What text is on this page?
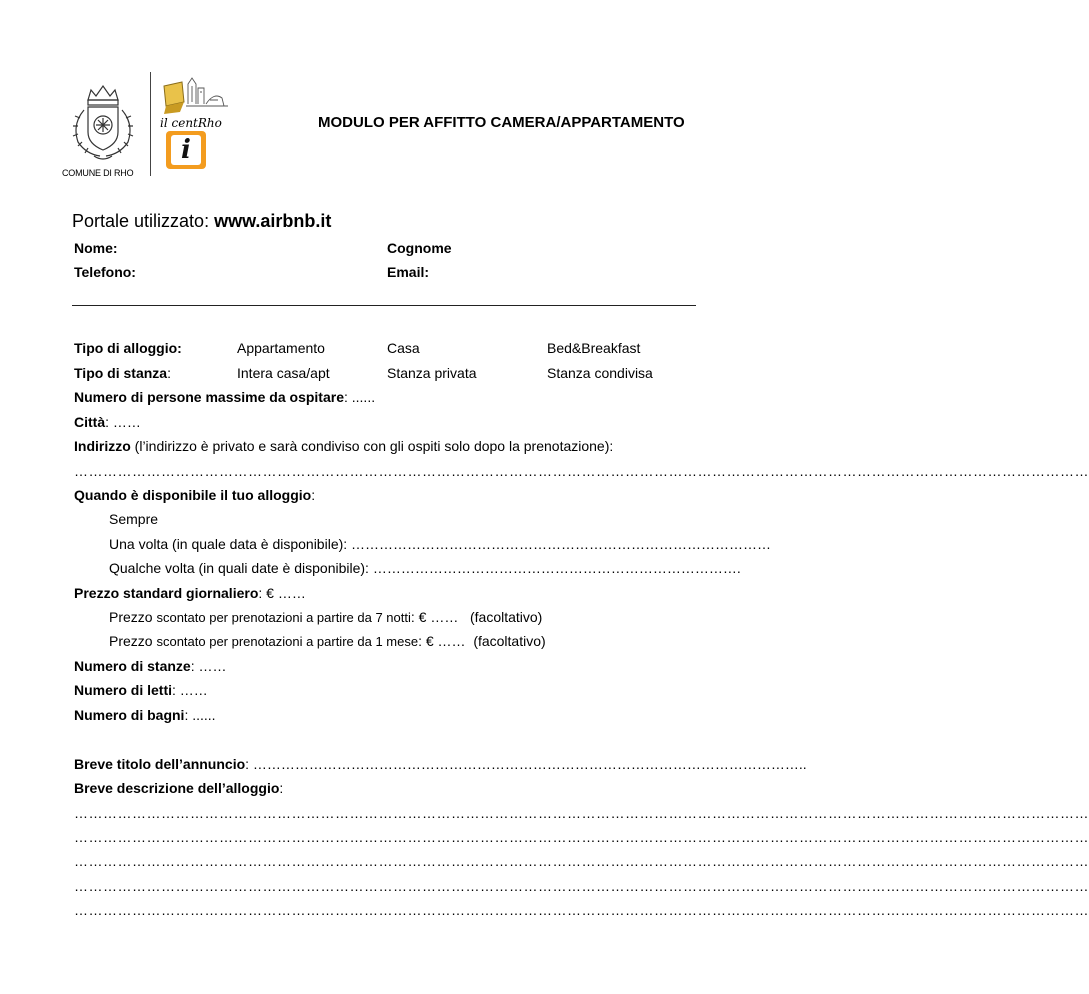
COMUNE DI RHO
il centRho
i
MODULO PER AFFITTO CAMERA/APPARTAMENTO
Portale utilizzato: www.airbnb.it
Nome:	Cognome
Telefono:	Email:
Tipo di alloggio:	Appartamento	Casa	Bed&Breakfast
Tipo di stanza:	Intera casa/apt	Stanza privata	Stanza condivisa
Numero di persone massime da ospitare: ......
Città: ……
Indirizzo (l’indirizzo è privato e sarà condiviso con gli ospiti solo dopo la prenotazione):
…………………………………………………………………………………………………………………………………………………………………………………………
Quando è disponibile il tuo alloggio:
Sempre
Una volta (in quale data è disponibile): ………………………………………………………………………………
Qualche volta (in quali date è disponibile): …………………………………………………………………….
Prezzo standard giornaliero: € ……
Prezzo scontato per prenotazioni a partire da 7 notti: € ……   (facoltativo)
Prezzo scontato per prenotazioni a partire da 1 mese: € ……  (facoltativo)
Numero di stanze: ……
Numero di letti: ……
Numero di bagni: ......
Breve titolo dell’annuncio: ………………………………………………………………………………………………………..
Breve descrizione dell’alloggio:
…………………………………………………………………………………………………………………………………………………………………………………………
…………………………………………………………………………………………………………………………………………………………………………………………
…………………………………………………………………………………………………………………………………………………………………………………………
…………………………………………………………………………………………………………………………………………………………………………………………
…………………………………………………………………………………………………………………………………………………………………………………………
